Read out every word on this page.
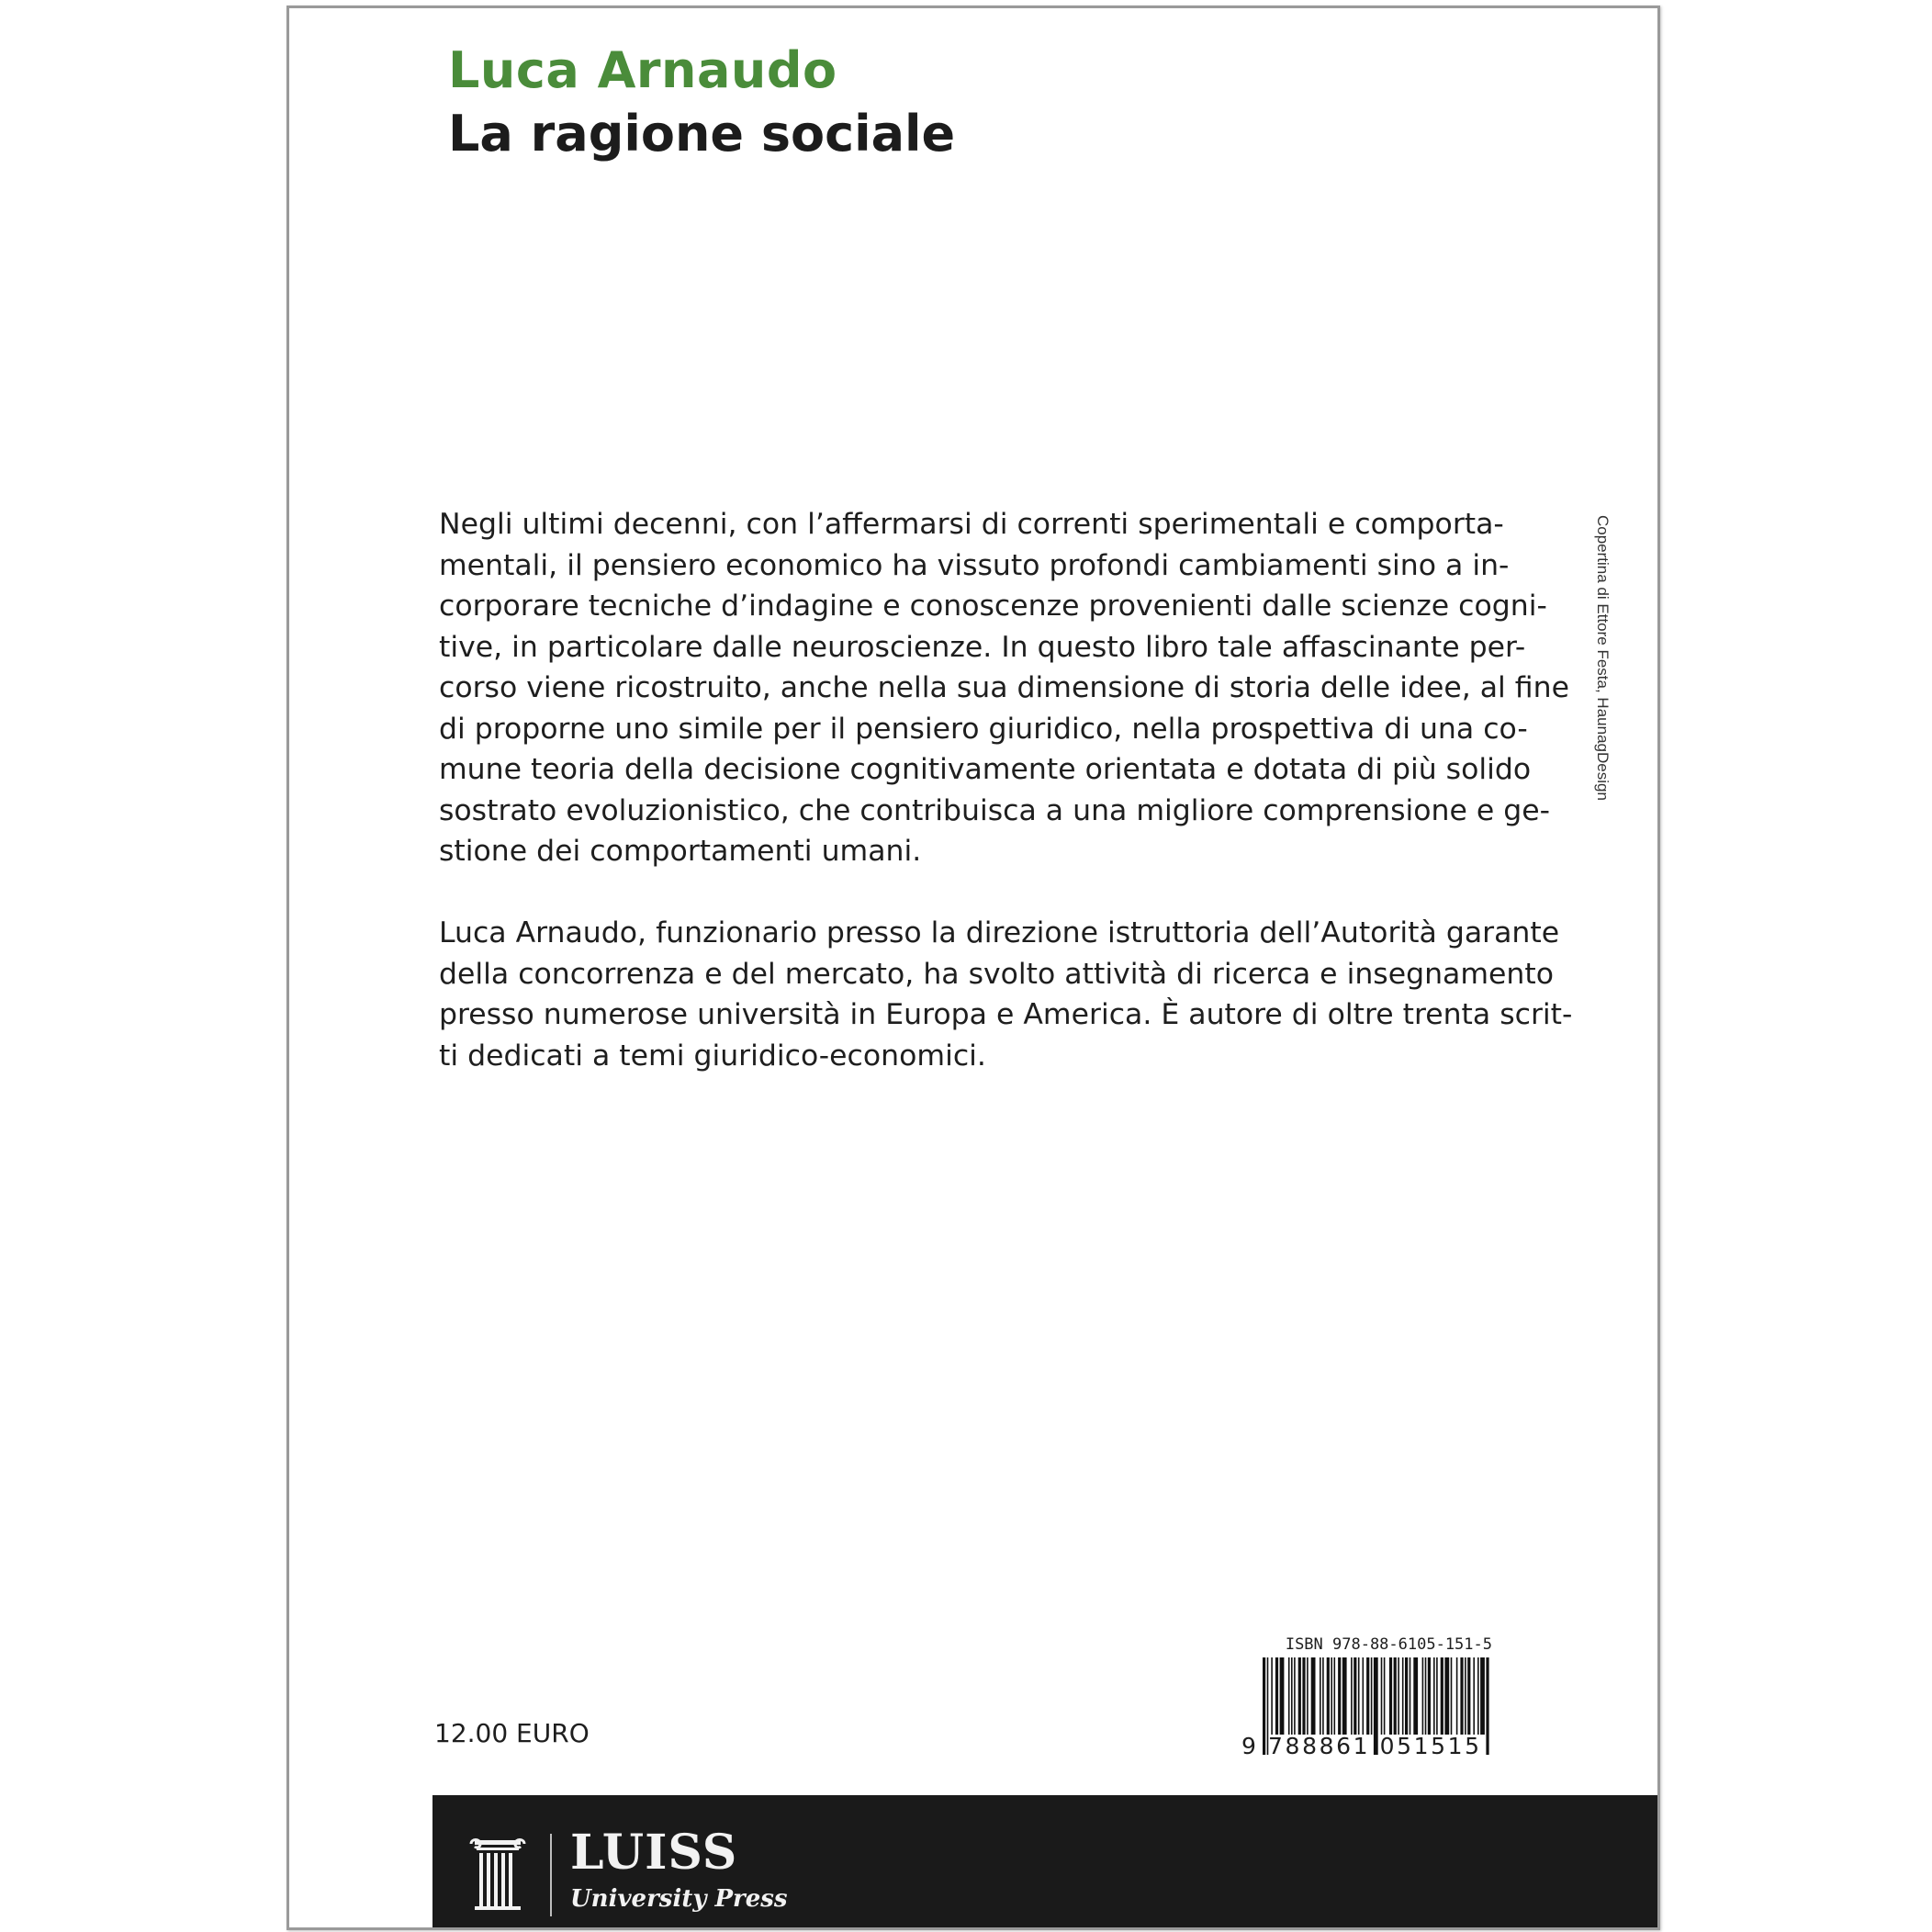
Luca Arnaudo
La ragione sociale
Copertina di Ettore Festa, HaunagDesign
Negli ultimi decenni, con l’affermarsi di correnti sperimentali e comporta-
mentali, il pensiero economico ha vissuto profondi cambiamenti sino a in-
corporare tecniche d’indagine e conoscenze provenienti dalle scienze cogni-
tive, in particolare dalle neuroscienze. In questo libro tale affascinante per-
corso viene ricostruito, anche nella sua dimensione di storia delle idee, al fine
di proporne uno simile per il pensiero giuridico, nella prospettiva di una co-
mune teoria della decisione cognitivamente orientata e dotata di più solido
sostrato evoluzionistico, che contribuisca a una migliore comprensione e ge-
stione dei comportamenti umani.
Luca Arnaudo, funzionario presso la direzione istruttoria dell’Autorità garante
della concorrenza e del mercato, ha svolto attività di ricerca e insegnamento
presso numerose università in Europa e America. È autore di oltre trenta scrit-
ti dedicati a temi giuridico-economici.
12.00 EURO
ISBN 978-88-6105-151-5
9 788861 051515
LUISS
University Press
